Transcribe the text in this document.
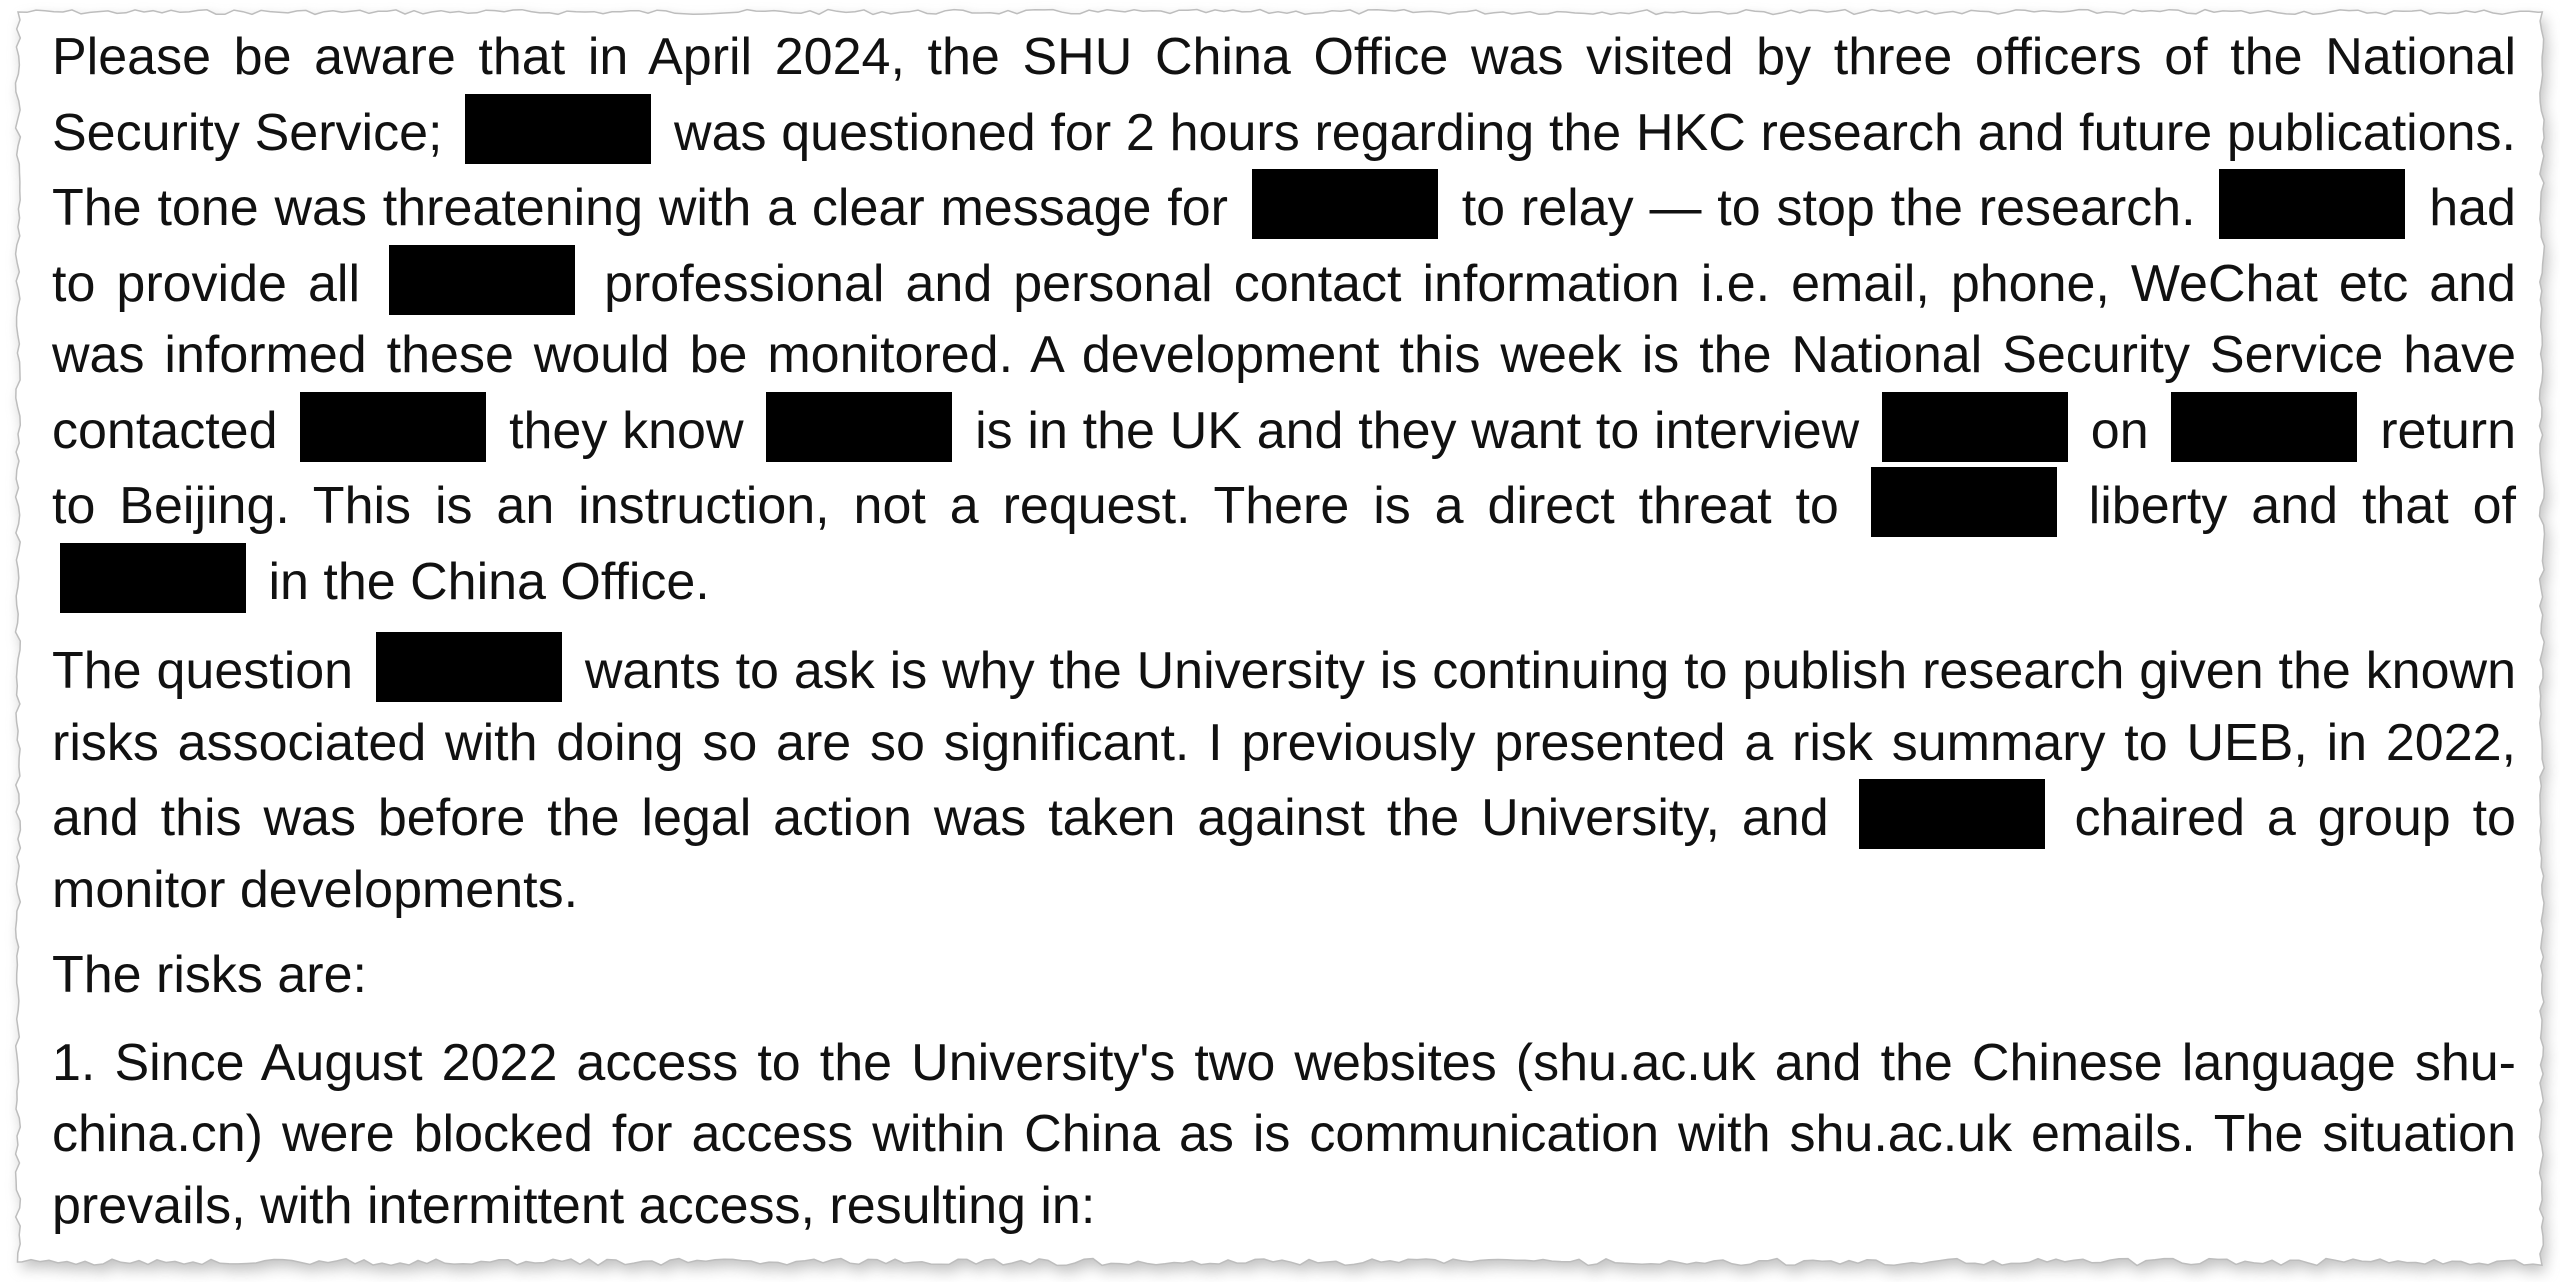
Please be aware that in April 2024, the SHU China Office was visited by three officers of the National Security Service;	was questioned for 2 hours regarding the HKC research and future publications. The tone was threatening with a clear message for	to relay — to stop the research.	had to provide all	professional and personal contact information i.e. email, phone, WeChat etc and was informed these would be monitored. A development this week is the National Security Service have contacted	they know	is in the UK and they want to interview	on	return to Beijing. This is an instruction, not a request. There is a direct threat to	liberty and that of  in the China Office.

The question	wants to ask is why the University is continuing to publish research given the known risks associated with doing so are so significant. I previously presented a risk summary to UEB, in 2022, and this was before the legal action was taken against the University, and	chaired a group to monitor developments.

The risks are:

1. Since August 2022 access to the University's two websites (shu.ac.uk and the Chinese language shu-china.cn) were blocked for access within China as is communication with shu.ac.uk emails. The situation prevails, with intermittent access, resulting in:
